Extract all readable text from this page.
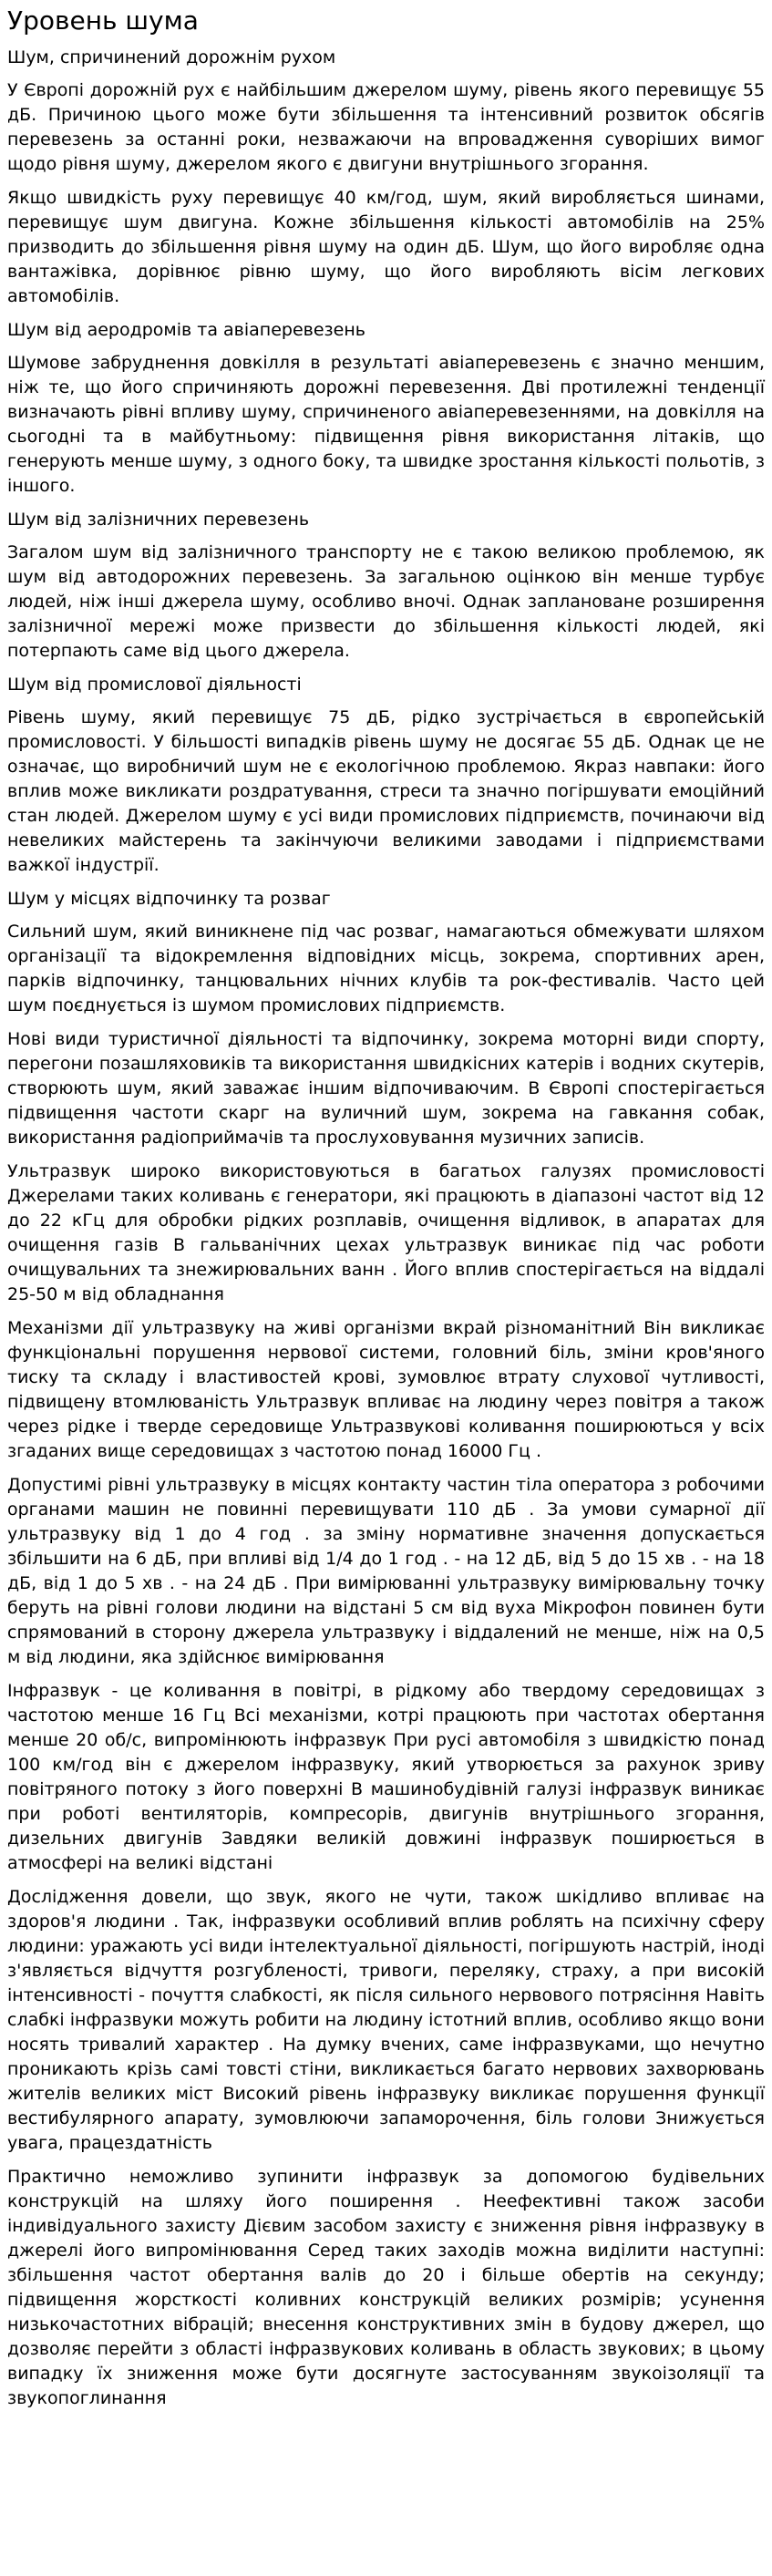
Уровень шума
Шум, спричинений дорожнім рухом

У Європі дорожній рух є найбільшим джерелом шуму, рівень якого перевищує 55 дБ. Причиною цього може бути збільшення та інтенсивний розвиток обсягів перевезень за останні роки, незважаючи на впровадження суворіших вимог щодо рівня шуму, джерелом якого є двигуни внутрішнього згорання.

Якщо швидкість руху перевищує 40 км/год, шум, який виробляється шинами, перевищує шум двигуна. Кожне збільшення кількості автомобілів на 25% призводить до збільшення рівня шуму на один дБ. Шум, що його виробляє одна вантажівка, дорівнює рівню шуму, що його виробляють вісім легкових автомобілів.

Шум від аеродромів та авіаперевезень

Шумове забруднення довкілля в результаті авіаперевезень є значно меншим, ніж те, що його спричиняють дорожні перевезення. Дві протилежні тенденції визначають рівні впливу шуму, спричиненого авіаперевезеннями, на довкілля на сьогодні та в майбутньому: підвищення рівня використання літаків, що генерують менше шуму, з одного боку, та швидке зростання кількості польотів, з іншого.

Шум від залізничних перевезень

Загалом шум від залізничного транспорту не є такою великою проблемою, як шум від автодорожних перевезень. За загальною оцінкою він менше турбує людей, ніж інші джерела шуму, особливо вночі. Однак заплановане розширення залізничної мережі може призвести до збільшення кількості людей, які потерпають саме від цього джерела.

Шум від промислової діяльності

Рівень шуму, який перевищує 75 дБ, рідко зустрічається в європейській промисловості. У більшості випадків рівень шуму не досягає 55 дБ. Однак це не означає, що виробничий шум не є екологічною проблемою. Якраз навпаки: його вплив може викликати роздратування, стреси та значно погіршувати емоційний стан людей. Джерелом шуму є усі види промислових підприємств, починаючи від невеликих майстерень та закінчуючи великими заводами і підприємствами важкої індустрії.

Шум у місцях відпочинку та розваг

Сильний шум, який виникнене під час розваг, намагаються обмежувати шляхом організації та відокремлення відповідних місць, зокрема, спортивних арен, парків відпочинку, танцювальних нічних клубів та рок-фестивалів. Часто цей шум поєднується із шумом промислових підприємств.

Нові види туристичної діяльності та відпочинку, зокрема моторні види спорту, перегони позашляховиків та використання швидкісних катерів і водних скутерів, створюють шум, який заважає іншим відпочиваючим. В Європі спостерігається підвищення частоти скарг на вуличний шум, зокрема на гавкання собак, використання радіоприймачів та прослуховування музичних записів.

Ультразвук широко використовуються в багатьох галузях промисловості Джерелами таких коливань є генератори, які працюють в діапазоні частот від 12 до 22 кГц для обробки рідких розплавів, очищення відливок, в апаратах для очищення газів В гальванічних цехах ультразвук виникає під час роботи очищувальних та знежирювальних ванн . Його вплив спостерігається на віддалі 25-50 м від обладнання

Механізми дії ультразвуку на живі організми вкрай різноманітний Він викликає функціональні порушення нервової системи, головний біль, зміни кров'яного тиску та складу і властивостей крові, зумовлює втрату слухової чутливості, підвищену втомлюваність Ультразвук впливає на людину через повітря а також через рідке і тверде середовище Ультразвукові коливання поширюються у всіх згаданих вище середовищах з частотою понад 16000 Гц .

Допустимі рівні ультразвуку в місцях контакту частин тіла оператора з робочими органами машин не повинні перевищувати 110 дБ . За умови сумарної дії ультразвуку від 1 до 4 год . за зміну нормативне значення допускається збільшити на 6 дБ, при впливі від 1/4 до 1 год . - на 12 дБ, від 5 до 15 хв . - на 18 дБ, від 1 до 5 хв . - на 24 дБ . При вимірюванні ультразвуку вимірювальну точку беруть на рівні голови людини на відстані 5 см від вуха Мікрофон повинен бути спрямований в сторону джерела ультразвуку і віддалений не менше, ніж на 0,5 м від людини, яка здійснює вимірювання

Інфразвук - це коливання в повітрі, в рідкому або твердому середовищах з частотою менше 16 Гц Всі механізми, котрі працюють при частотах обертання менше 20 об/с, випромінюють інфразвук При русі автомобіля з швидкістю понад 100 км/год він є джерелом інфразвуку, який утворюється за рахунок зриву повітряного потоку з його поверхні В машинобудівній галузі інфразвук виникає при роботі вентиляторів, компресорів, двигунів внутрішнього згорання, дизельних двигунів Завдяки великій довжині інфразвук поширюється в атмосфері на великі відстані

Дослідження довели, що звук, якого не чути, також шкідливо впливає на здоров'я людини . Так, інфразвуки особливий вплив роблять на психічну сферу людини: уражають усі види інтелектуальної діяльності, погіршують настрій, іноді з'являється відчуття розгубленості, тривоги, переляку, страху, а при високій інтенсивності - почуття слабкості, як після сильного нервового потрясіння Навіть слабкі інфразвуки можуть робити на людину істотний вплив, особливо якщо вони носять тривалий характер . На думку вчених, саме інфразвуками, що нечутно проникають крізь самі товсті стіни, викликається багато нервових захворювань жителів великих міст Високий рівень інфразвуку викликає порушення функції вестибулярного апарату, зумовлюючи запаморочення, біль голови Знижується увага, працездатність

Практично неможливо зупинити інфразвук за допомогою будівельних конструкцій на шляху його поширення . Неефективні також засоби індивідуального захисту Дієвим засобом захисту є зниження рівня інфразвуку в джерелі його випромінювання Серед таких заходів можна виділити наступні: збільшення частот обертання валів до 20 і більше обертів на секунду; підвищення жорсткості коливних конструкцій великих розмірів; усунення низькочастотних вібрацій; внесення конструктивних змін в будову джерел, що дозволяє перейти з області інфразвукових коливань в область звукових; в цьому випадку їх зниження може бути досягнуте застосуванням звукоізоляції та звукопоглинання
